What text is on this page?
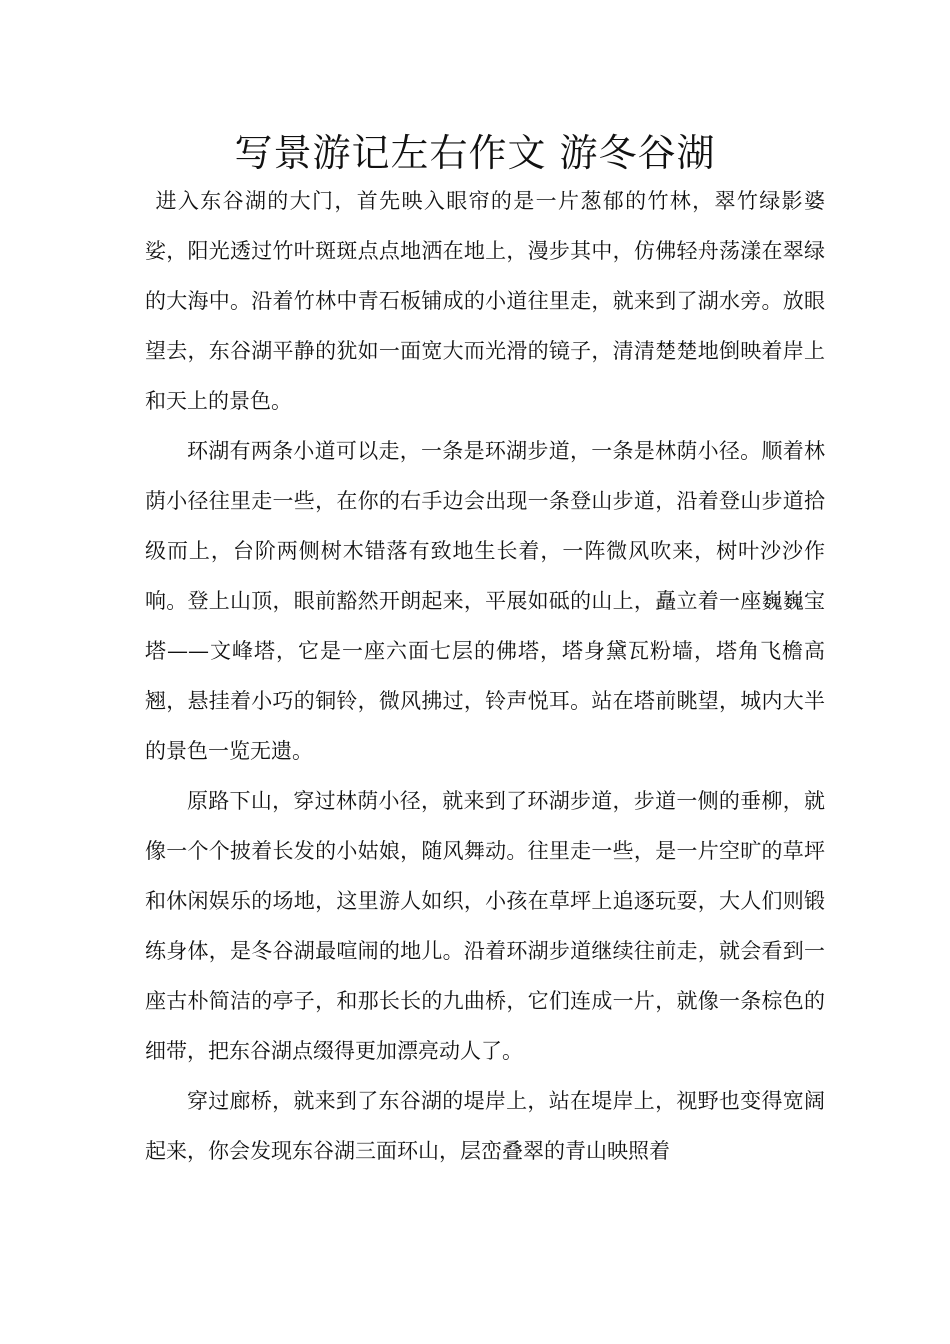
写景游记左右作文 游冬谷湖

进入东谷湖的大门，首先映入眼帘的是一片葱郁的竹林，翠竹绿影婆娑，阳光透过竹叶斑斑点点地洒在地上，漫步其中，仿佛轻舟荡漾在翠绿的大海中。沿着竹林中青石板铺成的小道往里走，就来到了湖水旁。放眼望去，东谷湖平静的犹如一面宽大而光滑的镜子，清清楚楚地倒映着岸上和天上的景色。

环湖有两条小道可以走，一条是环湖步道，一条是林荫小径。顺着林荫小径往里走一些，在你的右手边会出现一条登山步道，沿着登山步道拾级而上，台阶两侧树木错落有致地生长着，一阵微风吹来，树叶沙沙作响。登上山顶，眼前豁然开朗起来，平展如砥的山上，矗立着一座巍巍宝塔——文峰塔，它是一座六面七层的佛塔，塔身黛瓦粉墙，塔角飞檐高翘，悬挂着小巧的铜铃，微风拂过，铃声悦耳。站在塔前眺望，城内大半的景色一览无遗。

原路下山，穿过林荫小径，就来到了环湖步道，步道一侧的垂柳，就像一个个披着长发的小姑娘，随风舞动。往里走一些，是一片空旷的草坪和休闲娱乐的场地，这里游人如织，小孩在草坪上追逐玩耍，大人们则锻练身体，是冬谷湖最喧闹的地儿。沿着环湖步道继续往前走，就会看到一座古朴简洁的亭子，和那长长的九曲桥，它们连成一片，就像一条棕色的细带，把东谷湖点缀得更加漂亮动人了。

穿过廊桥，就来到了东谷湖的堤岸上，站在堤岸上，视野也变得宽阔起来，你会发现东谷湖三面环山，层峦叠翠的青山映照着
